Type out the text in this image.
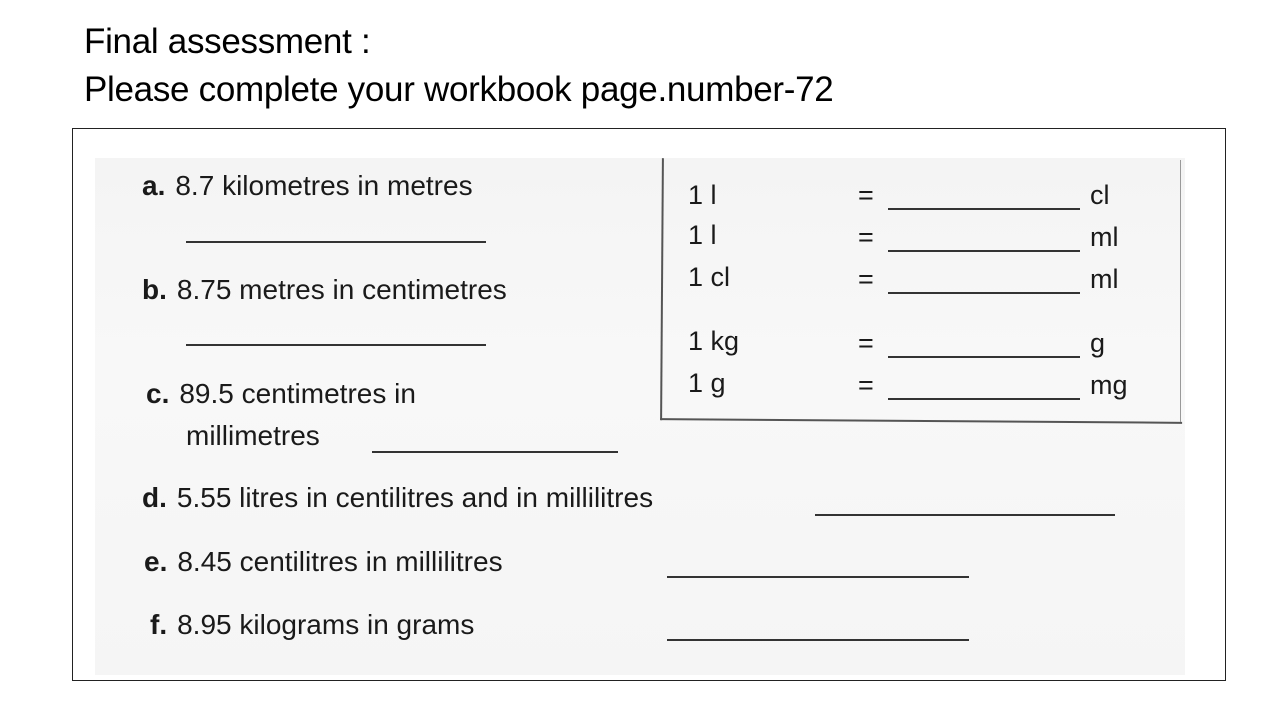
Final assessment :
Please complete your workbook page.number-72
a. 8.7 kilometres in metres
b. 8.75 metres in centimetres
c. 89.5 centimetres in
millimetres
d. 5.55 litres in centilitres and in millilitres
e. 8.45 centilitres in millilitres
f. 8.95 kilograms in grams
1 l	=	cl
1 l	=	ml
1 cl	=	ml
1 kg	=	g
1 g	=	mg
